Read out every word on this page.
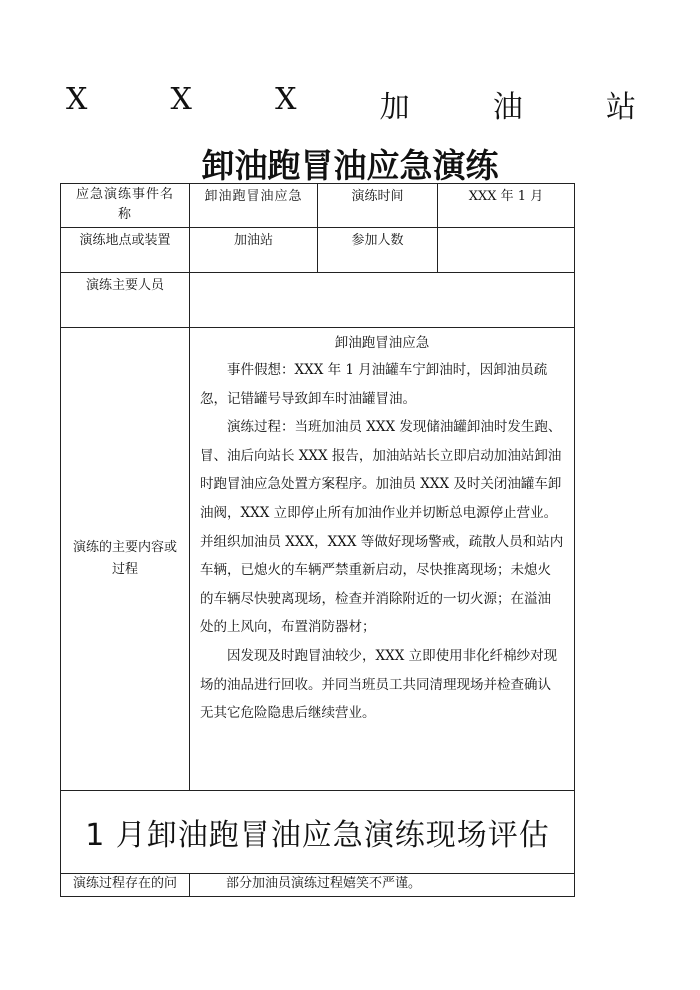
X	X	X	加	油	站
卸油跑冒油应急演练
应急演练事件名称	卸油跑冒油应急	演练时间	XXX 年 1 月

演练地点或装置	加油站	参加人数	

演练主要人员			

演练的主要内容或过程	卸油跑冒油应急

事件假想：XXX 年 1 月油罐车宁卸油时，因卸油员疏忽，记错罐号导致卸车时油罐冒油。

演练过程：当班加油员 XXX 发现储油罐卸油时发生跑、冒、油后向站长 XXX 报告，加油站站长立即启动加油站卸油时跑冒油应急处置方案程序。加油员 XXX 及时关闭油罐车卸油阀，XXX 立即停止所有加油作业并切断总电源停止营业。并组织加油员 XXX，XXX 等做好现场警戒，疏散人员和站内车辆，已熄火的车辆严禁重新启动，尽快推离现场；未熄火的车辆尽快驶离现场，检查并消除附近的一切火源；在溢油处的上风向，布置消防器材；

因发现及时跑冒油较少，XXX 立即使用非化纤棉纱对现场的油品进行回收。并同当班员工共同清理现场并检查确认无其它危险隐患后继续营业。		

1 月卸油跑冒油应急演练现场评估			
演练过程存在的问	部分加油员演练过程嬉笑不严谨。		
